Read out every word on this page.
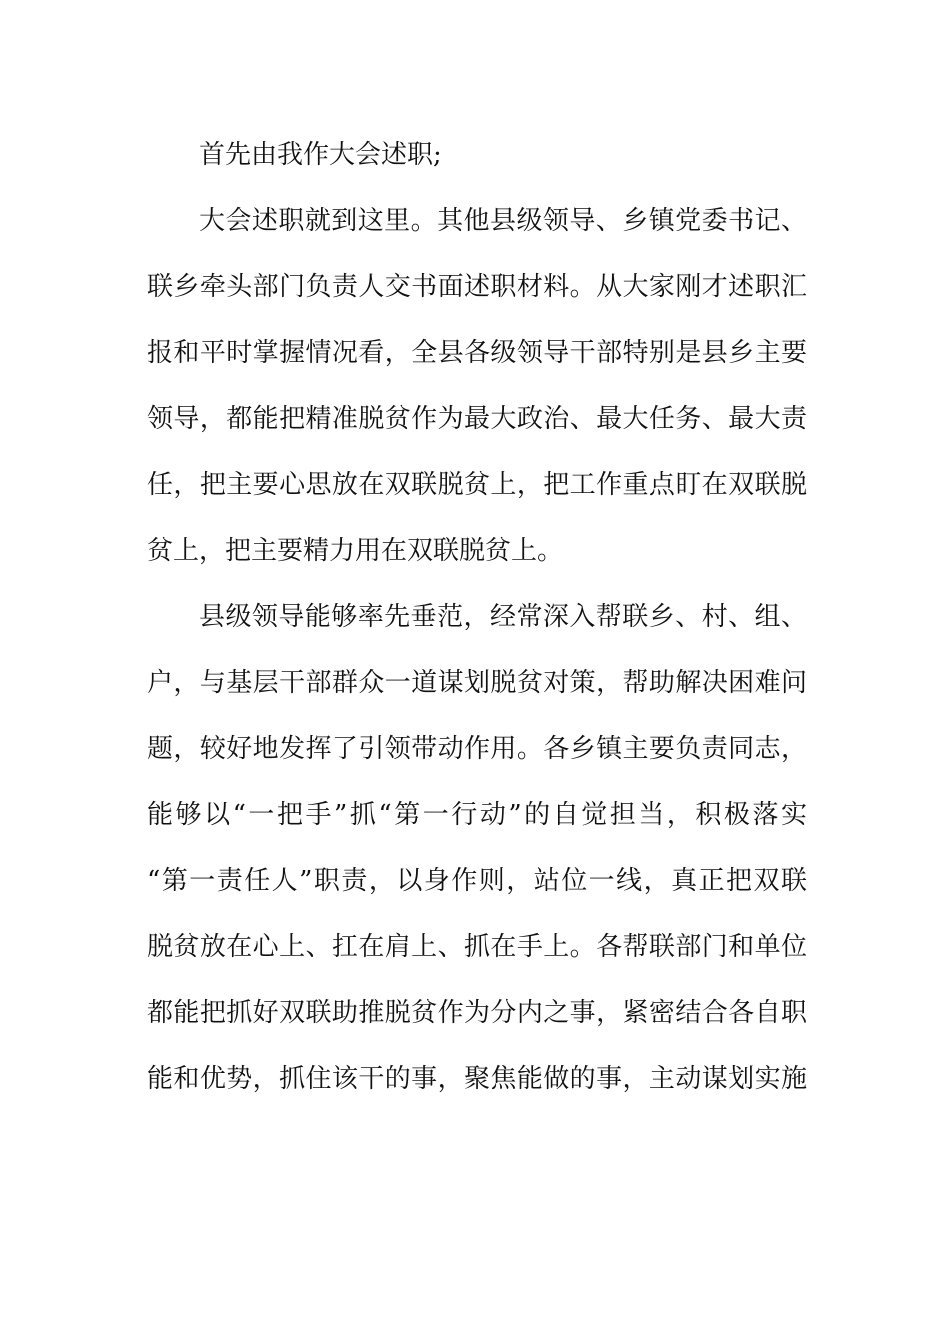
首先由我作大会述职;
大会述职就到这里。其他县级领导、乡镇党委书记、
联乡牵头部门负责人交书面述职材料。从大家刚才述职汇
报和平时掌握情况看，全县各级领导干部特别是县乡主要
领导，都能把精准脱贫作为最大政治、最大任务、最大责
任，把主要心思放在双联脱贫上，把工作重点盯在双联脱
贫上，把主要精力用在双联脱贫上。
县级领导能够率先垂范，经常深入帮联乡、村、组、
户，与基层干部群众一道谋划脱贫对策，帮助解决困难问
题，较好地发挥了引领带动作用。各乡镇主要负责同志，
能够以“一把手”抓“第一行动”的自觉担当，积极落实
“第一责任人”职责，以身作则，站位一线，真正把双联
脱贫放在心上、扛在肩上、抓在手上。各帮联部门和单位
都能把抓好双联助推脱贫作为分内之事，紧密结合各自职
能和优势，抓住该干的事，聚焦能做的事，主动谋划实施
